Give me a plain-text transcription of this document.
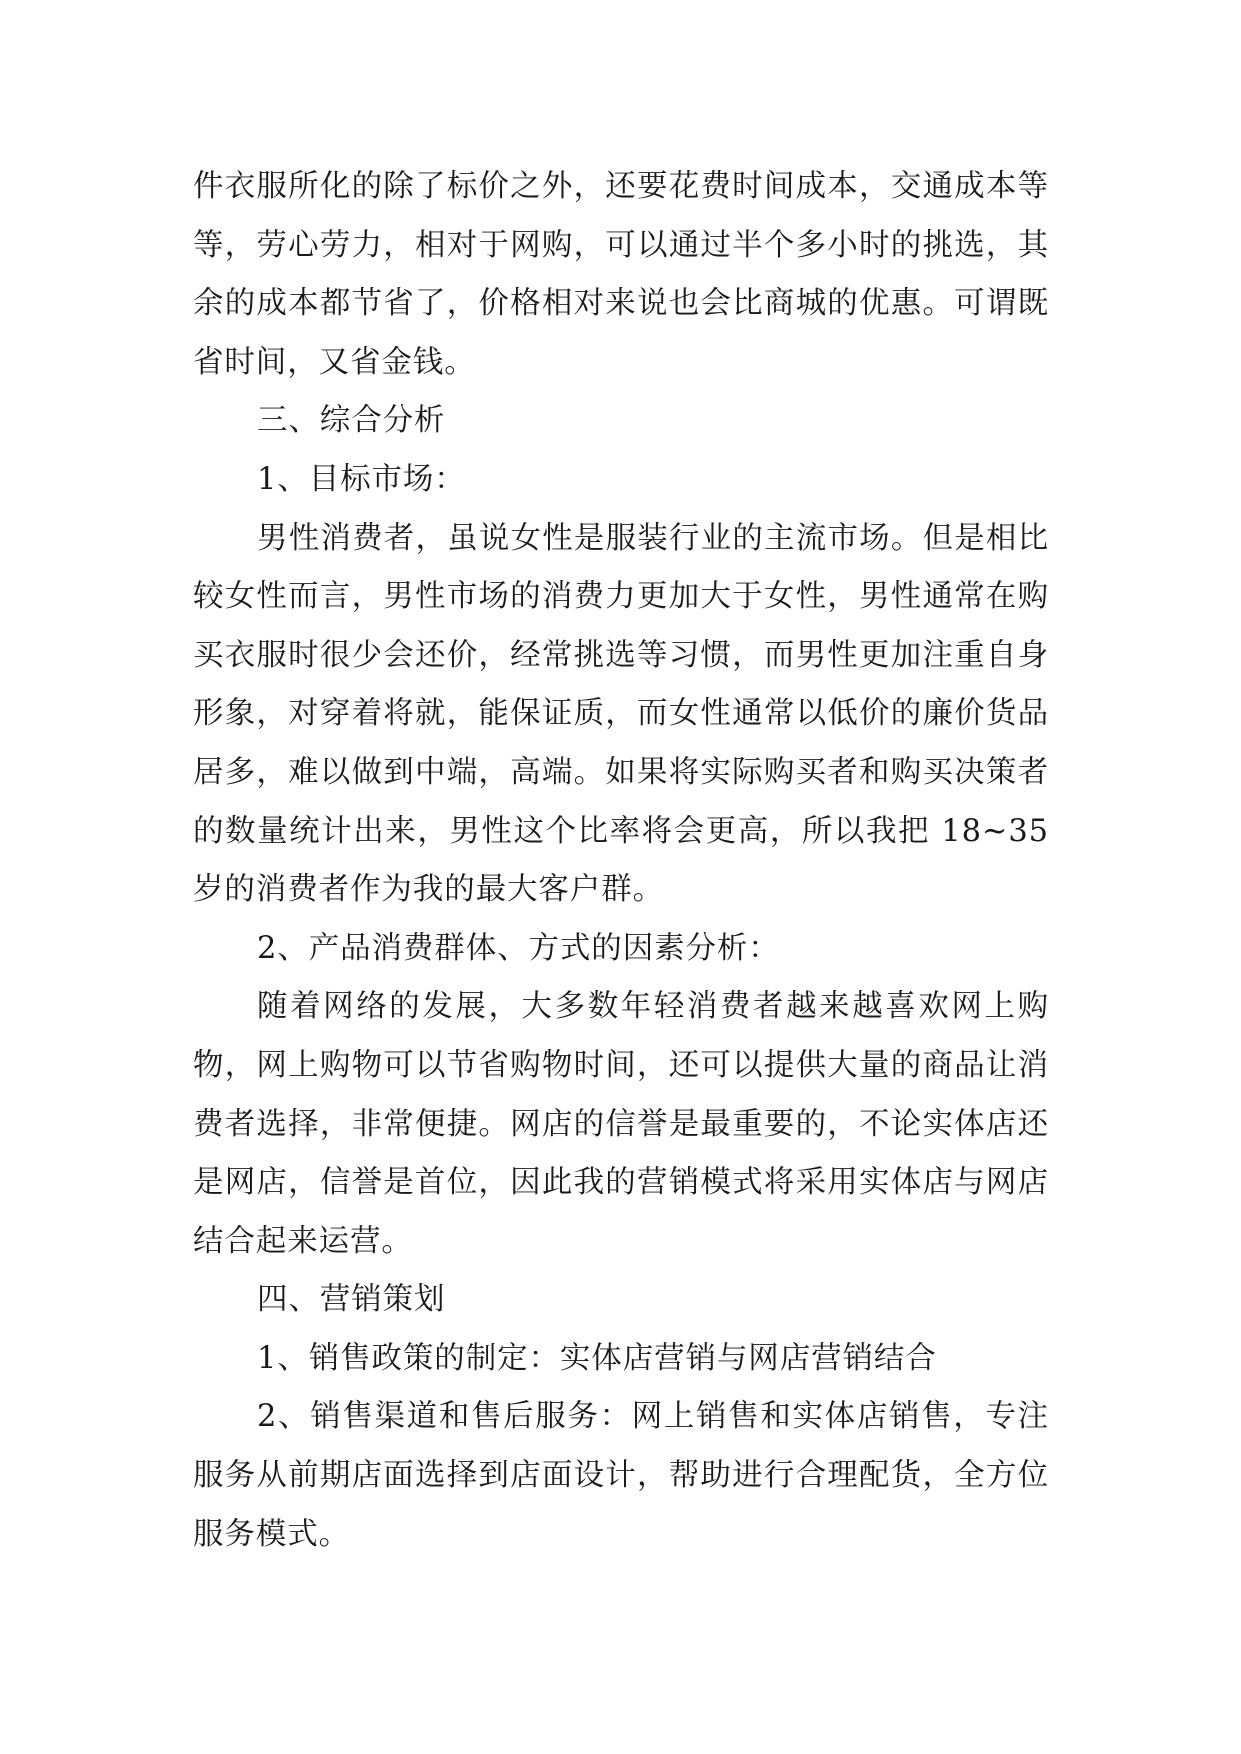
件衣服所化的除了标价之外，还要花费时间成本，交通成本等等，劳心劳力，相对于网购，可以通过半个多小时的挑选，其余的成本都节省了，价格相对来说也会比商城的优惠。可谓既省时间，又省金钱。

三、综合分析

1、目标市场：

男性消费者，虽说女性是服装行业的主流市场。但是相比较女性而言，男性市场的消费力更加大于女性，男性通常在购买衣服时很少会还价，经常挑选等习惯，而男性更加注重自身形象，对穿着将就，能保证质，而女性通常以低价的廉价货品居多，难以做到中端，高端。如果将实际购买者和购买决策者的数量统计出来，男性这个比率将会更高，所以我把 18~35 岁的消费者作为我的最大客户群。

2、产品消费群体、方式的因素分析：

随着网络的发展，大多数年轻消费者越来越喜欢网上购物，网上购物可以节省购物时间，还可以提供大量的商品让消费者选择，非常便捷。网店的信誉是最重要的，不论实体店还是网店，信誉是首位，因此我的营销模式将采用实体店与网店结合起来运营。

四、营销策划

1、销售政策的制定：实体店营销与网店营销结合

2、销售渠道和售后服务：网上销售和实体店销售，专注服务从前期店面选择到店面设计，帮助进行合理配货，全方位服务模式。
